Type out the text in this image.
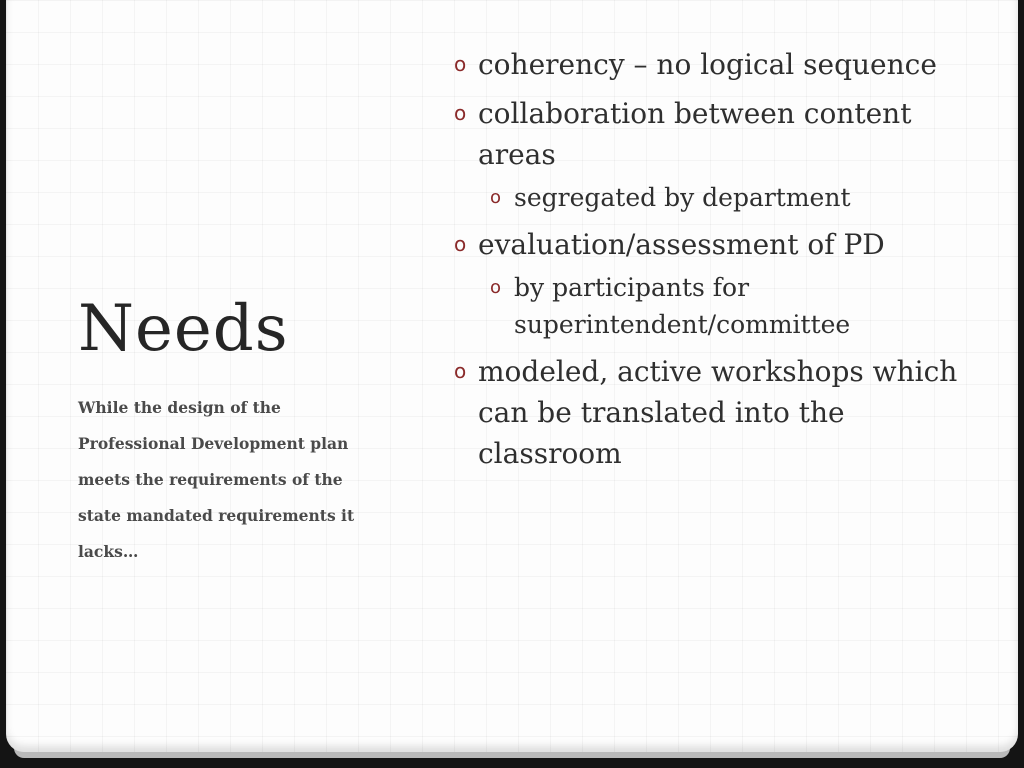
Needs

While the design of the Professional Development plan meets the requirements of the state mandated requirements it lacks…

o coherency – no logical sequence
o collaboration between content areas
o segregated by department
o evaluation/assessment of PD
o by participants for superintendent/committee
o modeled, active workshops which can be translated into the classroom
